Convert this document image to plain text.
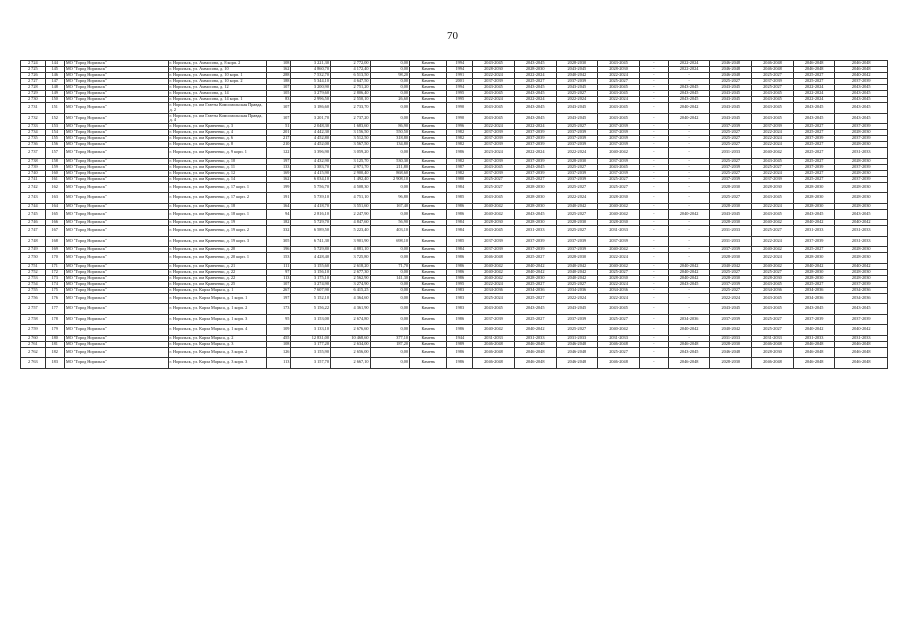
70
2 724	144	МО "Город Норильск"	г. Норильск, ул. Аммосова, д. 8 корп. 2	108	3 221,30	2 772,00	0,00	Камень	1994	2043-2045	2043-2045	2028-2030	2043-2045	-	2022-2024	2046-2048	2046-2048	2046-2048	2046-2048
2 725	145	МО "Город Норильск"	г. Норильск, ул. Аммосова, д. 10	162	4 860,70	4 172,40	0,00	Камень	1994	2028-2030	2028-2030	2043-2045	2028-2030	-	2022-2024	2046-2048	2046-2048	2046-2048	2046-2048
2 726	146	МО "Город Норильск"	г. Норильск, ул. Аммосова, д. 10 корп. 1	288	7 532,70	6 513,50	98,20	Камень	1991	2022-2024	2022-2024	2040-2042	2022-2024	-	-	2046-2048	2025-2027	2025-2027	2040-2042
2 727	147	МО "Город Норильск"	г. Норильск, ул. Аммосова, д. 10 корп. 2	188	5 344,10	4 647,50	0,00	Камень	2001	2037-2039	2025-2027	2037-2039	2025-2027	-	-	2025-2027	2037-2039	2025-2027	2037-2039
2 728	148	МО "Город Норильск"	г. Норильск, ул. Аммосова, д. 12	107	3 200,90	2 751,20	0,00	Камень	1994	2043-2045	2043-2045	2043-2045	2043-2045	-	2043-2045	2043-2045	2025-2027	2022-2024	2043-2045
2 729	149	МО "Город Норильск"	г. Норильск, ул. Аммосова, д. 14	105	3 279,60	2 806,40	0,00	Камень	1995	2043-2045	2043-2045	2025-2027	2043-2045	-	2043-2045	2043-2045	2043-2045	2022-2024	2043-2045
2 730	150	МО "Город Норильск"	г. Норильск, ул. Аммосова, д. 14 корп. 1	83	2 996,50	2 550,10	26,60	Камень	1995	2022-2024	2022-2024	2022-2024	2022-2024	-	2043-2045	2043-2045	2043-2045	2022-2024	2043-2045
2 731	151	МО "Город Норильск"	г. Норильск, ул. им Газеты Комсомольская Правда, д. 2	107	3 186,60	2 733,70	0,00	Камень	1990	2043-2045	2043-2045	2043-2045	2043-2045	-	2040-2042	2043-2045	2043-2045	2043-2045	2043-2045
2 732	152	МО "Город Норильск"	г. Норильск, ул. им Газеты Комсомольская Правда, д. 4	107	3 201,70	2 737,20	0,00	Камень	1990	2043-2045	2043-2045	2043-2045	2043-2045	-	2040-2042	2043-2045	2043-2045	2043-2045	2043-2045
2 733	153	МО "Город Норильск"	г. Норильск, ул. им Кравченко, д. 3	51	2 048,30	1 683,60	86,90	Камень	1996	2022-2024	2022-2024	2025-2027	2037-2039	-	-	2037-2039	2037-2039	2025-2027	2037-2039
2 734	154	МО "Город Норильск"	г. Норильск, ул. им Кравченко, д. 4	201	4 442,30	3 156,50	550,50	Камень	1982	2037-2039	2037-2039	2037-2039	2037-2039	-	-	2025-2027	2022-2024	2025-2027	2028-2030
2 735	155	МО "Город Норильск"	г. Норильск, ул. им Кравченко, д. 6	217	4 452,80	3 512,50	318,80	Камень	1982	2037-2039	2037-2039	2037-2039	2037-2039	-	-	2025-2027	2022-2024	2037-2039	2037-2039
2 736	156	МО "Город Норильск"	г. Норильск, ул. им Кравченко, д. 8	210	4 452,00	3 567,50	134,80	Камень	1982	2037-2039	2037-2039	2037-2039	2037-2039	-	-	2025-2027	2022-2024	2025-2027	2028-2030
2 737	157	МО "Город Норильск"	г. Норильск, ул. им Кравченко, д. 9 корп. 1	122	3 396,90	3 059,20	0,00	Камень	1986	2023-2024	2022-2024	2022-2024	2040-2042	-	-	2031-2033	2040-2042	2025-2027	2031-2033
2 738	158	МО "Город Норильск"	г. Норильск, ул. им Кравченко, д. 10	197	4 432,90	3 125,70	530,30	Камень	1982	2037-2039	2037-2039	2028-2030	2037-2039	-	-	2025-2027	2043-2045	2025-2027	2028-2030
2 739	159	МО "Город Норильск"	г. Норильск, ул. им Кравченко, д. 11	133	3 383,70	2 971,70	211,80	Камень	1987	2043-2045	2043-2045	2025-2027	2043-2045	-	-	2037-2039	2025-2027	2037-2039	2037-2039
2 740	160	МО "Город Норильск"	г. Норильск, ул. им Кравченко, д. 12	169	4 415,90	2 900,40	868,60	Камень	1982	2037-2039	2037-2039	2037-2039	2037-2039	-	-	2025-2027	2022-2024	2025-2027	2028-2030
2 741	161	МО "Город Норильск"	г. Норильск, ул. им Кравченко, д. 14	162	6 034,10	1 492,40	2 908,10	Камень	1980	2025-2027	2025-2027	2037-2039	2025-2027	-	-	2037-2039	2037-2039	2025-2027	2037-2039
2 742	162	МО "Город Норильск"	г. Норильск, ул. им Кравченко, д. 17 корп. 1	199	5 756,70	4 508,30	0,00	Камень	1984	2025-2027	2028-2030	2025-2027	2025-2027	-	-	2028-2030	2028-2030	2028-2030	2028-2030
2 743	163	МО "Город Норильск"	г. Норильск, ул. им Кравченко, д. 17 корп. 2	191	5 739,10	4 751,10	96,80	Камень	1985	2043-2045	2028-2030	2022-2024	2028-2030	-	-	2025-2027	2043-2045	2028-2030	2028-2030
2 744	164	МО "Город Норильск"	г. Норильск, ул. им Кравченко, д. 18	164	4 418,70	3 551,60	167,40	Камень	1986	2040-2042	2028-2030	2040-2042	2040-2042	-	-	2028-2030	2022-2024	2028-2030	2028-2030
2 745	165	МО "Город Норильск"	г. Норильск, ул. им Кравченко, д. 18 корп. 1	94	2 816,10	2 247,90	0,00	Камень	1986	2040-2042	2043-2045	2025-2027	2040-2042	-	2040-2042	2043-2045	2043-2045	2043-2045	2043-2045
2 746	166	МО "Город Норильск"	г. Норильск, ул. им Кравченко, д. 19	182	5 729,70	4 847,60	56,90	Камень	1984	2028-2030	2028-2030	2028-2030	2028-2030	-	-	2028-2030	2040-2042	2040-2042	2040-2042
2 747	167	МО "Город Норильск"	г. Норильск, ул. им Кравченко, д. 19 корп. 2	332	6 589,50	5 223,40	403,10	Камень	1984	2043-2045	2031-2033	2025-2027	2031-2033	-	-	2031-2033	2025-2027	2031-2033	2031-2033
2 748	168	МО "Город Норильск"	г. Норильск, ул. им Кравченко, д. 19 корп. 3	305	6 741,30	3 901,90	698,10	Камень	1985	2037-2039	2037-2039	2037-2039	2037-2039	-	-	2031-2033	2022-2024	2037-2039	2031-2033
2 749	169	МО "Город Норильск"	г. Норильск, ул. им Кравченко, д. 20	196	5 729,80	4 881,10	0,00	Камень	1984	2037-2039	2037-2039	2037-2039	2040-2042	-	-	2037-2039	2040-2042	2025-2027	2028-2030
2 750	170	МО "Город Норильск"	г. Норильск, ул. им Кравченко, д. 20 корп. 1	153	4 428,40	3 725,80	0,00	Камень	1986	2046-2048	2025-2027	2028-2030	2022-2024	-	-	2028-2030	2022-2024	2028-2030	2028-2030
2 751	171	МО "Город Норильск"	г. Норильск, ул. им Кравченко, д. 21	111	3 155,60	2 618,20	71,70	Камень	1986	2040-2042	2040-2042	2040-2042	2040-2042	-	2040-2042	2040-2042	2040-2042	2040-2042	2040-2042
2 752	172	МО "Город Норильск"	г. Норильск, ул. им Кравченко, д. 22	97	3 156,10	2 677,30	0,00	Камень	1986	2040-2042	2040-2042	2040-2042	2025-2027	-	2040-2042	2025-2027	2025-2027	2028-2030	2028-2030
2 753	173	МО "Город Норильск"	г. Норильск, ул. им Кравченко, д. 22	113	3 175,10	2 562,90	141,30	Камень	1986	2040-2042	2028-2030	2040-2042	2028-2030	-	2040-2042	2028-2030	2028-2030	2028-2030	2028-2030
2 754	174	МО "Город Норильск"	г. Норильск, ул. им Кравченко, д. 25	107	3 274,90	3 274,90	0,00	Камень	1995	2022-2024	2025-2027	2025-2027	2022-2024	-	2043-2045	2037-2039	2043-2045	2025-2027	2037-2039
2 755	175	МО "Город Норильск"	г. Норильск, ул. Карла Маркса, д. 1	267	7 607,90	6 415,25	0,00	Камень	1983	2034-2036	2034-2036	2034-2036	2034-2036	-	-	2025-2027	2034-2036	2034-2036	2034-2036
2 756	176	МО "Город Норильск"	г. Норильск, ул. Карла Маркса, д. 1 корп. 1	197	5 152,10	4 364,60	0,00	Камень	1983	2025-2024	2025-2027	2022-2024	2022-2024	-	-	2022-2024	2043-2045	2034-2036	2034-2036
2 757	177	МО "Город Норильск"	г. Норильск, ул. Карла Маркса, д. 1 корп. 2	173	5 156,22	4 361,90	0,00	Камень	1983	2043-2045	2043-2045	2043-2045	2043-2045	-	-	2043-2045	2043-2045	2043-2045	2043-2045
2 758	178	МО "Город Норильск"	г. Норильск, ул. Карла Маркса, д. 1 корп. 3	95	3 153,00	2 674,80	0,00	Камень	1986	2037-2039	2025-2027	2037-2039	2025-2027	-	2034-2036	2037-2039	2025-2027	2037-2039	2037-2039
2 759	179	МО "Город Норильск"	г. Норильск, ул. Карла Маркса, д. 1 корп. 4	109	3 133,10	2 676,60	0,00	Камень	1986	2040-2042	2040-2042	2025-2027	2040-2042	-	2040-2042	2040-2042	2025-2027	2040-2042	2040-2042
2 760	180	МО "Город Норильск"	г. Норильск, ул. Карла Маркса, д. 2	455	12 831,00	10 468,60	377,10	Камень	1944	2031-2033	2031-2033	2031-2033	2031-2033	-	-	2031-2033	2031-2033	2031-2033	2031-2033
2 761	181	МО "Город Норильск"	г. Норильск, ул. Карла Маркса, д. 3	108	3 177,20	2 634,00	187,20	Камень	1989	2046-2048	2046-2048	2046-2048	2046-2048	-	2046-2048	2028-2030	2046-2048	2046-2048	2046-2048
2 762	182	МО "Город Норильск"	г. Норильск, ул. Карла Маркса, д. 3 корп. 2	126	3 155,90	2 656,00	0,00	Камень	1986	2046-2048	2046-2048	2046-2048	2025-2027	-	2043-2045	2046-2048	2028-2030	2046-2048	2046-2048
2 763	183	МО "Город Норильск"	г. Норильск, ул. Карла Маркса, д. 3 корп. 3	113	3 157,70	2 667,10	0,00	Камень	1986	2046-2048	2046-2048	2046-2048	2046-2048	-	2046-2048	2028-2030	2046-2048	2046-2048	2046-2048
